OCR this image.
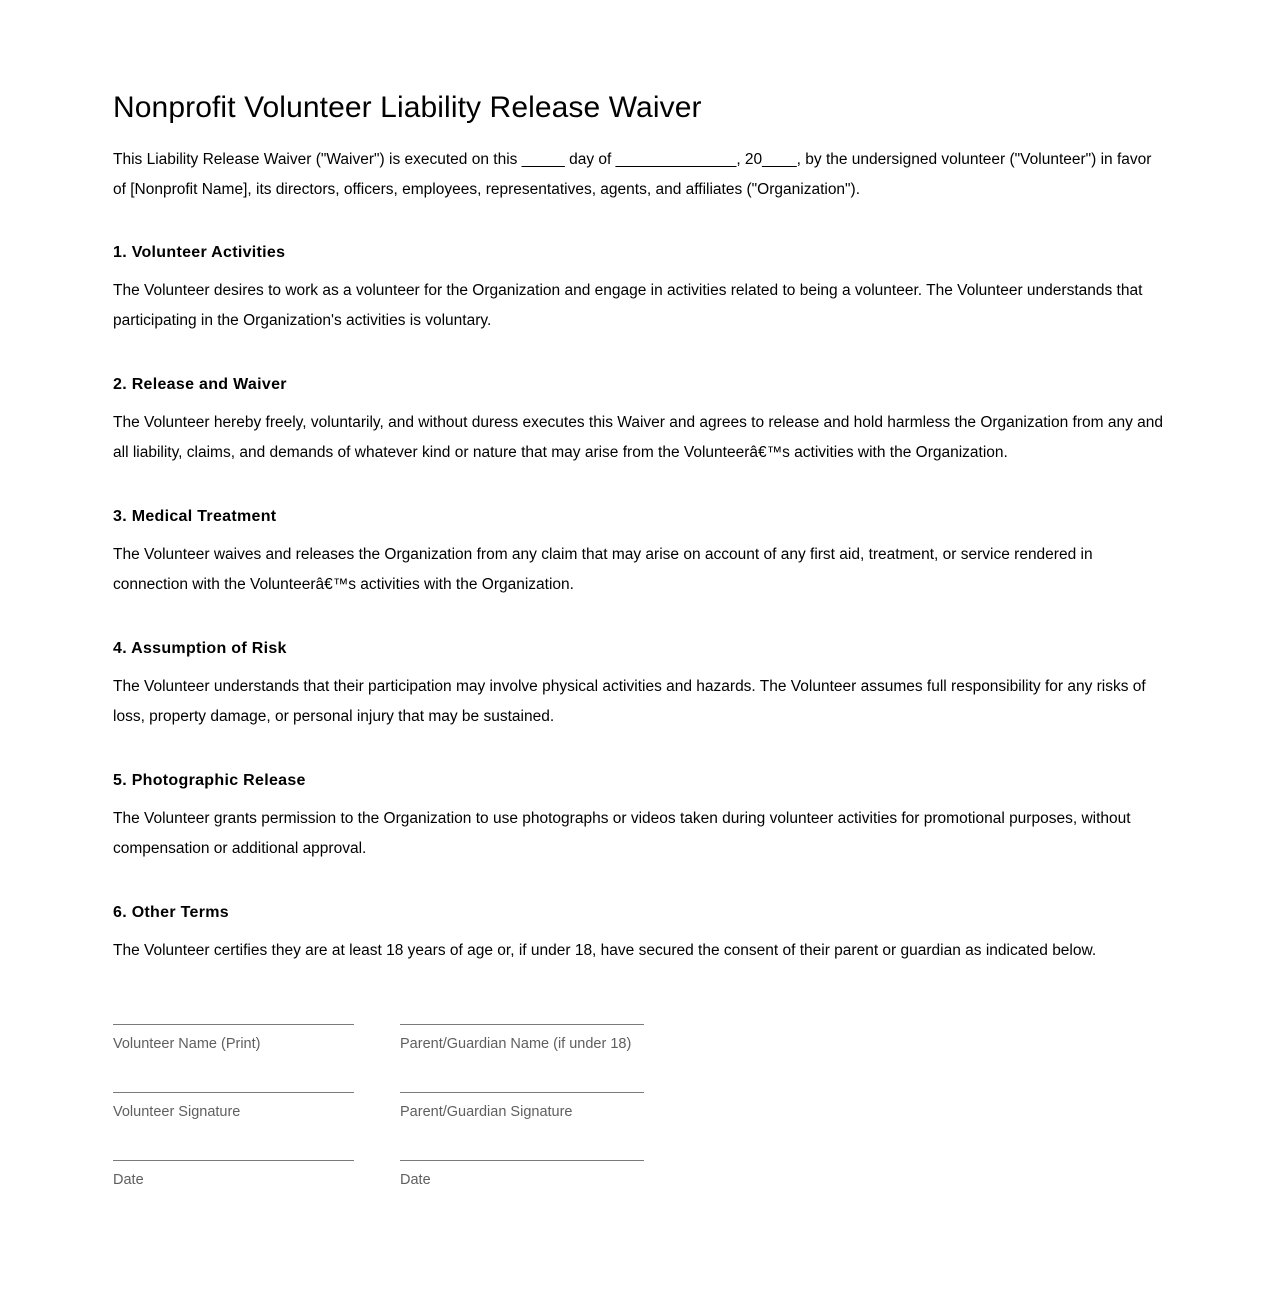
Nonprofit Volunteer Liability Release Waiver

This Liability Release Waiver ("Waiver") is executed on this _____ day of ______________, 20____, by the undersigned volunteer ("Volunteer") in favor of [Nonprofit Name], its directors, officers, employees, representatives, agents, and affiliates ("Organization").

1. Volunteer Activities

The Volunteer desires to work as a volunteer for the Organization and engage in activities related to being a volunteer. The Volunteer understands that participating in the Organization's activities is voluntary.

2. Release and Waiver

The Volunteer hereby freely, voluntarily, and without duress executes this Waiver and agrees to release and hold harmless the Organization from any and all liability, claims, and demands of whatever kind or nature that may arise from the Volunteerâ€™s activities with the Organization.

3. Medical Treatment

The Volunteer waives and releases the Organization from any claim that may arise on account of any first aid, treatment, or service rendered in connection with the Volunteerâ€™s activities with the Organization.

4. Assumption of Risk

The Volunteer understands that their participation may involve physical activities and hazards. The Volunteer assumes full responsibility for any risks of loss, property damage, or personal injury that may be sustained.

5. Photographic Release

The Volunteer grants permission to the Organization to use photographs or videos taken during volunteer activities for promotional purposes, without compensation or additional approval.

6. Other Terms

The Volunteer certifies they are at least 18 years of age or, if under 18, have secured the consent of their parent or guardian as indicated below.

Volunteer Name (Print)	Parent/Guardian Name (if under 18)
Volunteer Signature	Parent/Guardian Signature
Date	Date
